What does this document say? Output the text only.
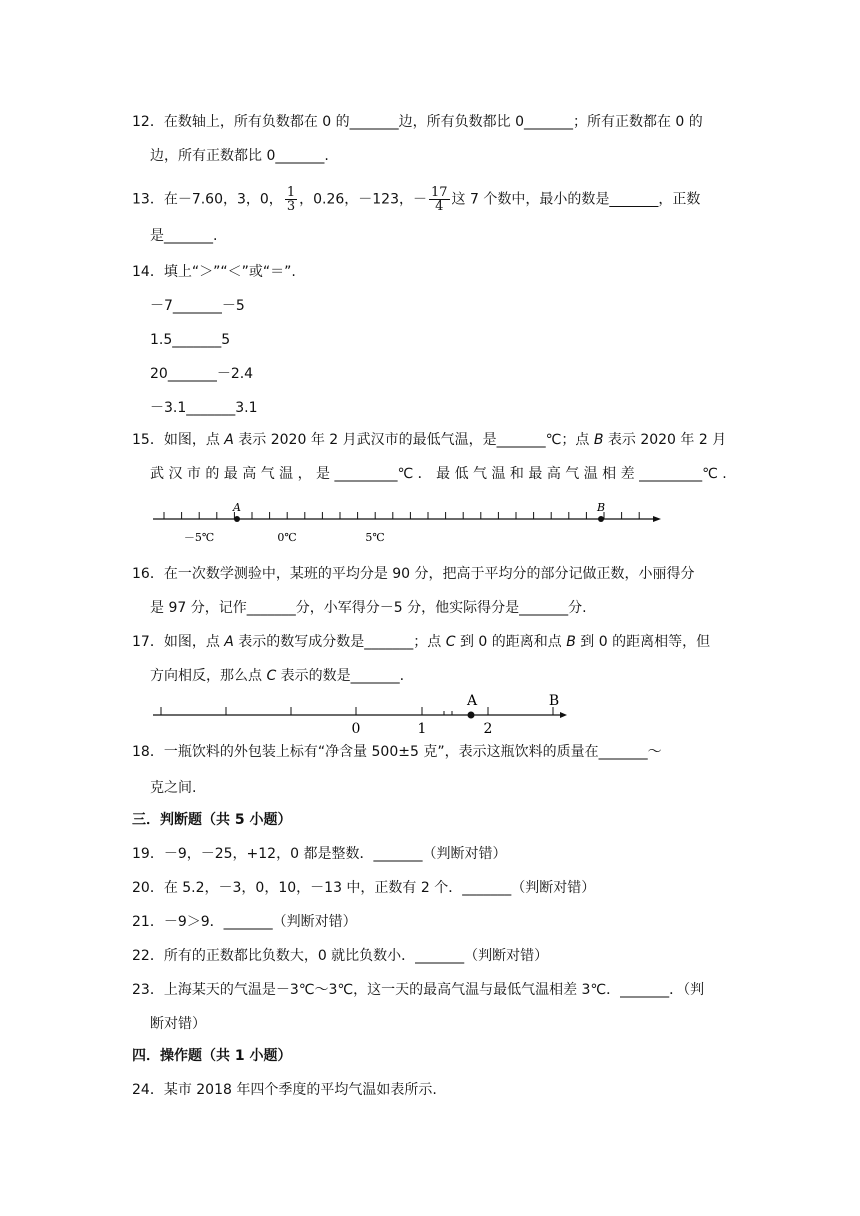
12．在数轴上，所有负数都在 0 的_______边，所有负数都比 0_______；所有正数都在 0 的
边，所有正数都比 0_______.
13．在－7.60，3，0， $\frac{1}{3}$ ，0.26，－123，－ $\frac{17}{4}$ 这 7 个数中，最小的数是_______，正数
是_______.
14．填上“＞”“＜”或“＝”.
－7_______－5
1.5_______5
20_______－2.4
－3.1_______3.1
15．如图，点 A 表示 2020 年 2 月武汉市的最低气温，是_______℃；点 B 表示 2020 年 2 月
武 汉 市 的 最 高 气 温 ， 是 _________℃ ． 最 低 气 温 和 最 高 气 温 相 差 _________℃ .
A	B
－5℃	0℃	5℃
16．在一次数学测验中，某班的平均分是 90 分，把高于平均分的部分记做正数，小丽得分
是 97 分，记作_______分，小军得分－5 分，他实际得分是_______分.
17．如图，点 A 表示的数写成分数是_______；点 C 到 0 的距离和点 B 到 0 的距离相等，但
方向相反，那么点 C 表示的数是_______.
0	1	2
A	B
18．一瓶饮料的外包装上标有“净含量 500±5 克”，表示这瓶饮料的质量在_______～
克之间.
三．判断题（共 5 小题）
19．－9，－25，+12，0 都是整数．_______（判断对错）
20．在 5.2，－3，0，10，－13 中，正数有 2 个．_______（判断对错）
21．－9＞9．_______（判断对错）
22．所有的正数都比负数大，0 就比负数小．_______（判断对错）
23．上海某天的气温是－3℃～3℃，这一天的最高气温与最低气温相差 3℃．_______．（判
断对错）
四．操作题（共 1 小题）
24．某市 2018 年四个季度的平均气温如表所示.
